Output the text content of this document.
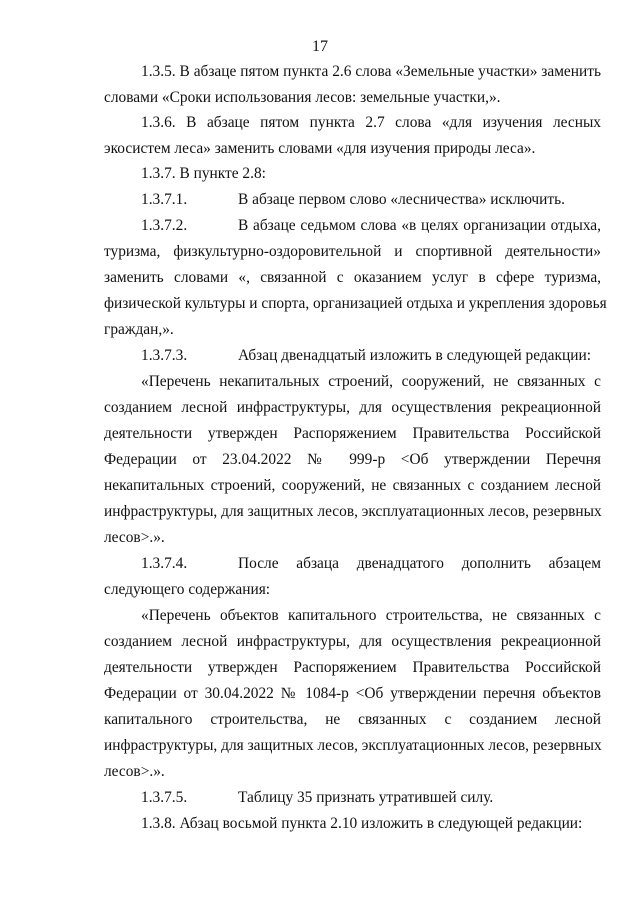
17
1.3.5. В абзаце пятом пункта 2.6 слова «Земельные участки» заменить
словами «Сроки использования лесов: земельные участки,».
1.3.6. В абзаце пятом пункта 2.7 слова «для изучения лесных
экосистем леса» заменить словами «для изучения природы леса».
1.3.7. В пункте 2.8:
1.3.7.1.	В абзаце первом слово «лесничества» исключить.
1.3.7.2.	В абзаце седьмом слова «в целях организации отдыха,
туризма, физкультурно-оздоровительной и спортивной деятельности»
заменить словами «, связанной с оказанием услуг в сфере туризма,
физической культуры и спорта, организацией отдыха и укрепления здоровья
граждан,».
1.3.7.3.	Абзац двенадцатый изложить в следующей редакции:
«Перечень некапитальных строений, сооружений, не связанных с
созданием лесной инфраструктуры, для осуществления рекреационной
деятельности утвержден Распоряжением Правительства Российской
Федерации от 23.04.2022 № 999-р <Об утверждении Перечня
некапитальных строений, сооружений, не связанных с созданием лесной
инфраструктуры, для защитных лесов, эксплуатационных лесов, резервных
лесов>.».
1.3.7.4.	После абзаца двенадцатого дополнить абзацем
следующего содержания:
«Перечень объектов капитального строительства, не связанных с
созданием лесной инфраструктуры, для осуществления рекреационной
деятельности утвержден Распоряжением Правительства Российской
Федерации от 30.04.2022 № 1084-р <Об утверждении перечня объектов
капитального строительства, не связанных с созданием лесной
инфраструктуры, для защитных лесов, эксплуатационных лесов, резервных
лесов>.».
1.3.7.5.	Таблицу 35 признать утратившей силу.
1.3.8. Абзац восьмой пункта 2.10 изложить в следующей редакции:
